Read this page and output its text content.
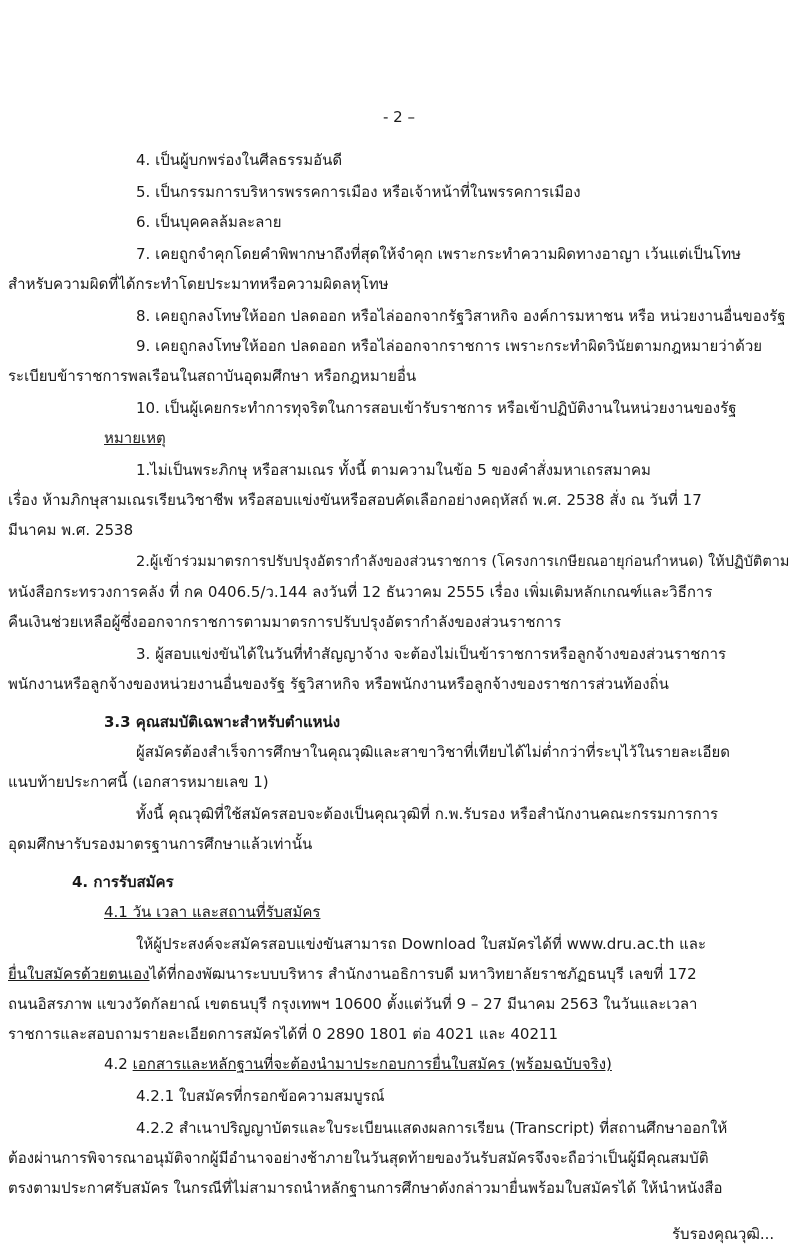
- 2 –
4. เป็นผู้บกพร่องในศีลธรรมอันดี
5. เป็นกรรมการบริหารพรรคการเมือง หรือเจ้าหน้าที่ในพรรคการเมือง
6. เป็นบุคคลล้มละลาย
7. เคยถูกจำคุกโดยคำพิพากษาถึงที่สุดให้จำคุก เพราะกระทำความผิดทางอาญา เว้นแต่เป็นโทษ
สำหรับความผิดที่ได้กระทำโดยประมาทหรือความผิดลหุโทษ
8. เคยถูกลงโทษให้ออก ปลดออก หรือไล่ออกจากรัฐวิสาหกิจ องค์การมหาชน หรือ หน่วยงานอื่นของรัฐ
9. เคยถูกลงโทษให้ออก ปลดออก หรือไล่ออกจากราชการ เพราะกระทำผิดวินัยตามกฎหมายว่าด้วย
ระเบียบข้าราชการพลเรือนในสถาบันอุดมศึกษา หรือกฎหมายอื่น
10. เป็นผู้เคยกระทำการทุจริตในการสอบเข้ารับราชการ หรือเข้าปฏิบัติงานในหน่วยงานของรัฐ
หมายเหตุ
1.ไม่เป็นพระภิกษุ หรือสามเณร ทั้งนี้ ตามความในข้อ 5 ของคำสั่งมหาเถรสมาคม
เรื่อง ห้ามภิกษุสามเณรเรียนวิชาชีพ หรือสอบแข่งขันหรือสอบคัดเลือกอย่างคฤหัสถ์ พ.ศ. 2538 สั่ง ณ วันที่ 17
มีนาคม พ.ศ. 2538
2.ผู้เข้าร่วมมาตรการปรับปรุงอัตรากำลังของส่วนราชการ (โครงการเกษียณอายุก่อนกำหนด) ให้ปฏิบัติตาม
หนังสือกระทรวงการคลัง ที่ กค 0406.5/ว.144 ลงวันที่ 12 ธันวาคม 2555 เรื่อง เพิ่มเติมหลักเกณฑ์และวิธีการ
คืนเงินช่วยเหลือผู้ซึ่งออกจากราชการตามมาตรการปรับปรุงอัตรากำลังของส่วนราชการ
3. ผู้สอบแข่งขันได้ในวันที่ทำสัญญาจ้าง จะต้องไม่เป็นข้าราชการหรือลูกจ้างของส่วนราชการ
พนักงานหรือลูกจ้างของหน่วยงานอื่นของรัฐ รัฐวิสาหกิจ หรือพนักงานหรือลูกจ้างของราชการส่วนท้องถิ่น
3.3 คุณสมบัติเฉพาะสำหรับตำแหน่ง
ผู้สมัครต้องสำเร็จการศึกษาในคุณวุฒิและสาขาวิชาที่เทียบได้ไม่ต่ำกว่าที่ระบุไว้ในรายละเอียด
แนบท้ายประกาศนี้ (เอกสารหมายเลข 1)
ทั้งนี้ คุณวุฒิที่ใช้สมัครสอบจะต้องเป็นคุณวุฒิที่ ก.พ.รับรอง หรือสำนักงานคณะกรรมการการ
อุดมศึกษารับรองมาตรฐานการศึกษาแล้วเท่านั้น
4. การรับสมัคร
4.1 วัน เวลา และสถานที่รับสมัคร
ให้ผู้ประสงค์จะสมัครสอบแข่งขันสามารถ Download ใบสมัครได้ที่ www.dru.ac.th และ
ยื่นใบสมัครด้วยตนเองได้ที่กองพัฒนาระบบบริหาร สำนักงานอธิการบดี มหาวิทยาลัยราชภัฏธนบุรี เลขที่ 172
ถนนอิสรภาพ แขวงวัดกัลยาณ์ เขตธนบุรี กรุงเทพฯ 10600 ตั้งแต่วันที่ 9 – 27 มีนาคม 2563 ในวันและเวลา
ราชการและสอบถามรายละเอียดการสมัครได้ที่ 0 2890 1801 ต่อ 4021 และ 40211
4.2 เอกสารและหลักฐานที่จะต้องนำมาประกอบการยื่นใบสมัคร (พร้อมฉบับจริง)
4.2.1 ใบสมัครที่กรอกข้อความสมบูรณ์
4.2.2 สำเนาปริญญาบัตรและใบระเบียนแสดงผลการเรียน (Transcript) ที่สถานศึกษาออกให้
ต้องผ่านการพิจารณาอนุมัติจากผู้มีอำนาจอย่างช้าภายในวันสุดท้ายของวันรับสมัครจึงจะถือว่าเป็นผู้มีคุณสมบัติ
ตรงตามประกาศรับสมัคร ในกรณีที่ไม่สามารถนำหลักฐานการศึกษาดังกล่าวมายื่นพร้อมใบสมัครได้ ให้นำหนังสือ
รับรองคุณวุฒิ...
